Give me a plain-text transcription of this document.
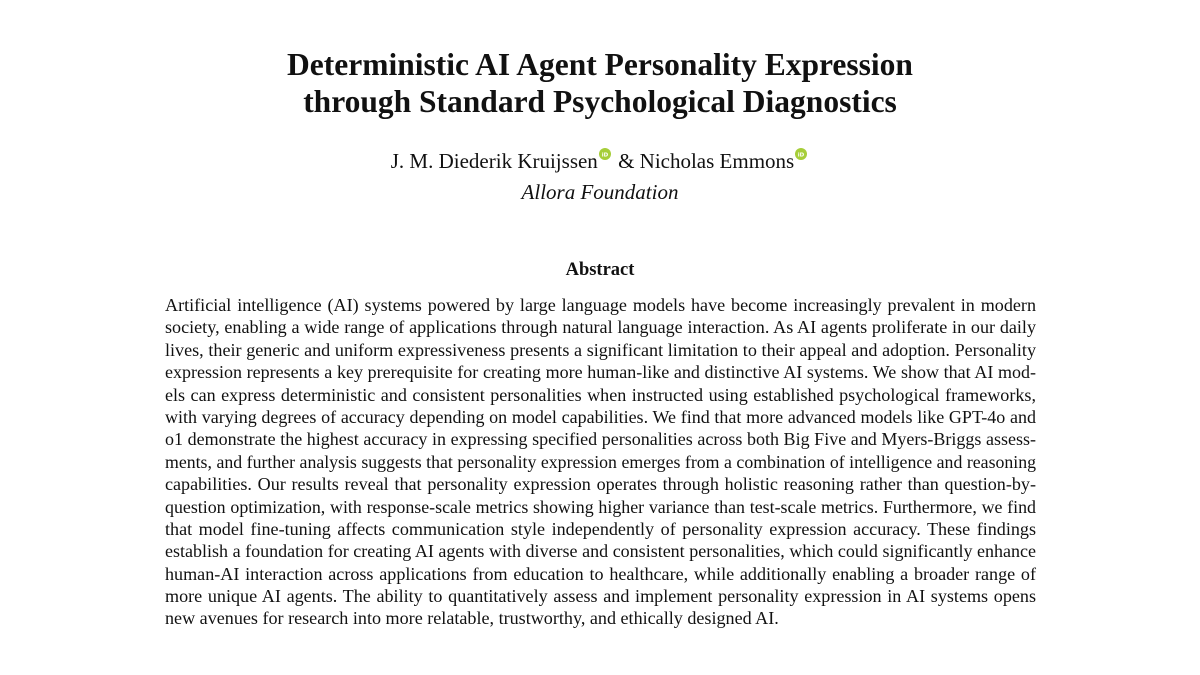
Deterministic AI Agent Personality Expression
through Standard Psychological Diagnostics
J. M. Diederik Kruijssen iD & Nicholas Emmons iD
Allora Foundation
Abstract
Artificial intelligence (AI) systems powered by large language models have become increasingly prevalent in modern
society, enabling a wide range of applications through natural language interaction. As AI agents proliferate in our daily
lives, their generic and uniform expressiveness presents a significant limitation to their appeal and adoption. Personality
expression represents a key prerequisite for creating more human-like and distinctive AI systems. We show that AI mod-
els can express deterministic and consistent personalities when instructed using established psychological frameworks,
with varying degrees of accuracy depending on model capabilities. We find that more advanced models like GPT-4o and
o1 demonstrate the highest accuracy in expressing specified personalities across both Big Five and Myers-Briggs assess-
ments, and further analysis suggests that personality expression emerges from a combination of intelligence and reasoning
capabilities. Our results reveal that personality expression operates through holistic reasoning rather than question-by-
question optimization, with response-scale metrics showing higher variance than test-scale metrics. Furthermore, we find
that model fine-tuning affects communication style independently of personality expression accuracy. These findings
establish a foundation for creating AI agents with diverse and consistent personalities, which could significantly enhance
human-AI interaction across applications from education to healthcare, while additionally enabling a broader range of
more unique AI agents. The ability to quantitatively assess and implement personality expression in AI systems opens
new avenues for research into more relatable, trustworthy, and ethically designed AI.
